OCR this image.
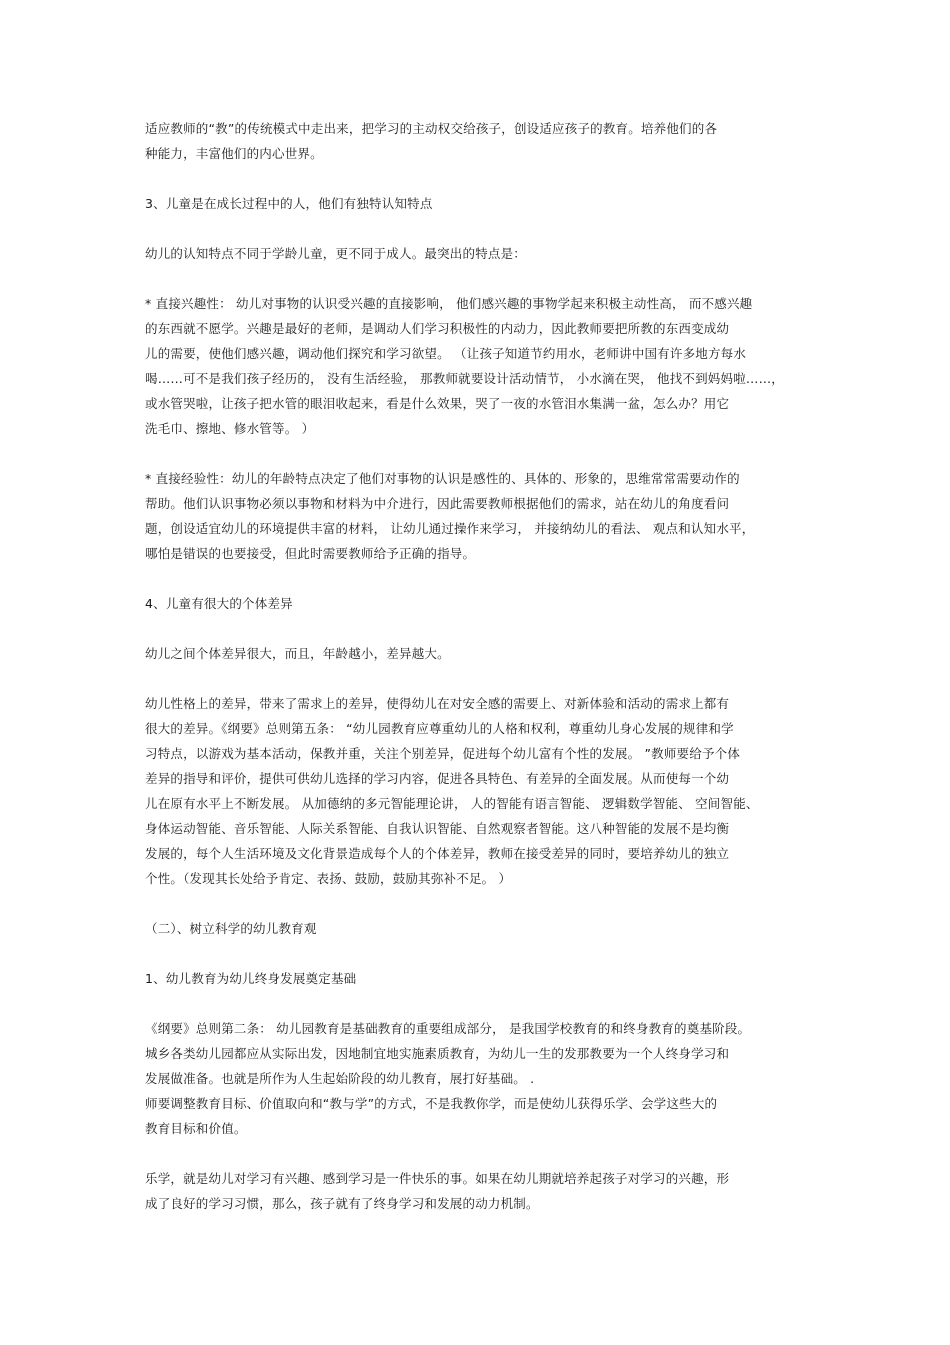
适应教师的“教”的传统模式中走出来，把学习的主动权交给孩子，创设适应孩子的教育。培养他们的各
种能力，丰富他们的内心世界。
3、儿童是在成长过程中的人，他们有独特认知特点
幼儿的认知特点不同于学龄儿童，更不同于成人。最突出的特点是：
* 直接兴趣性： 幼儿对事物的认识受兴趣的直接影响， 他们感兴趣的事物学起来积极主动性高， 而不感兴趣
的东西就不愿学。兴趣是最好的老师，是调动人们学习积极性的内动力，因此教师要把所教的东西变成幼
儿的需要，使他们感兴趣，调动他们探究和学习欲望。 （让孩子知道节约用水，老师讲中国有许多地方每水
喝……可不是我们孩子经历的， 没有生活经验， 那教师就要设计活动情节， 小水滴在哭， 他找不到妈妈啦……，
或水管哭啦，让孩子把水管的眼泪收起来，看是什么效果，哭了一夜的水管泪水集满一盆，怎么办？用它
洗毛巾、擦地、修水管等。 ）
* 直接经验性：幼儿的年龄特点决定了他们对事物的认识是感性的、具体的、形象的，思维常常需要动作的
帮助。他们认识事物必须以事物和材料为中介进行，因此需要教师根据他们的需求，站在幼儿的角度看问
题，创设适宜幼儿的环境提供丰富的材料， 让幼儿通过操作来学习， 并接纳幼儿的看法、 观点和认知水平，
哪怕是错误的也要接受，但此时需要教师给予正确的指导。
4、儿童有很大的个体差异
幼儿之间个体差异很大，而且，年龄越小，差异越大。
幼儿性格上的差异，带来了需求上的差异，使得幼儿在对安全感的需要上、对新体验和活动的需求上都有
很大的差异。《纲要》总则第五条： “幼儿园教育应尊重幼儿的人格和权利，尊重幼儿身心发展的规律和学
习特点，以游戏为基本活动，保教并重，关注个别差异，促进每个幼儿富有个性的发展。 ”教师要给予个体
差异的指导和评价，提供可供幼儿选择的学习内容，促进各具特色、有差异的全面发展。从而使每一个幼
儿在原有水平上不断发展。 从加德纳的多元智能理论讲， 人的智能有语言智能、 逻辑数学智能、 空间智能、
身体运动智能、音乐智能、人际关系智能、自我认识智能、自然观察者智能。这八种智能的发展不是均衡
发展的，每个人生活环境及文化背景造成每个人的个体差异，教师在接受差异的同时，要培养幼儿的独立
个性。（发现其长处给予肯定、表扬、鼓励，鼓励其弥补不足。 ）
（二）、树立科学的幼儿教育观
1、幼儿教育为幼儿终身发展奠定基础
《纲要》总则第二条： 幼儿园教育是基础教育的重要组成部分， 是我国学校教育的和终身教育的奠基阶段。
城乡各类幼儿园都应从实际出发，因地制宜地实施素质教育，为幼儿一生的发那教要为一个人终身学习和
发展做准备。也就是所作为人生起始阶段的幼儿教育，展打好基础。 .
师要调整教育目标、价值取向和“教与学”的方式，不是我教你学，而是使幼儿获得乐学、会学这些大的
教育目标和价值。
乐学，就是幼儿对学习有兴趣、感到学习是一件快乐的事。如果在幼儿期就培养起孩子对学习的兴趣，形
成了良好的学习习惯，那么，孩子就有了终身学习和发展的动力机制。
